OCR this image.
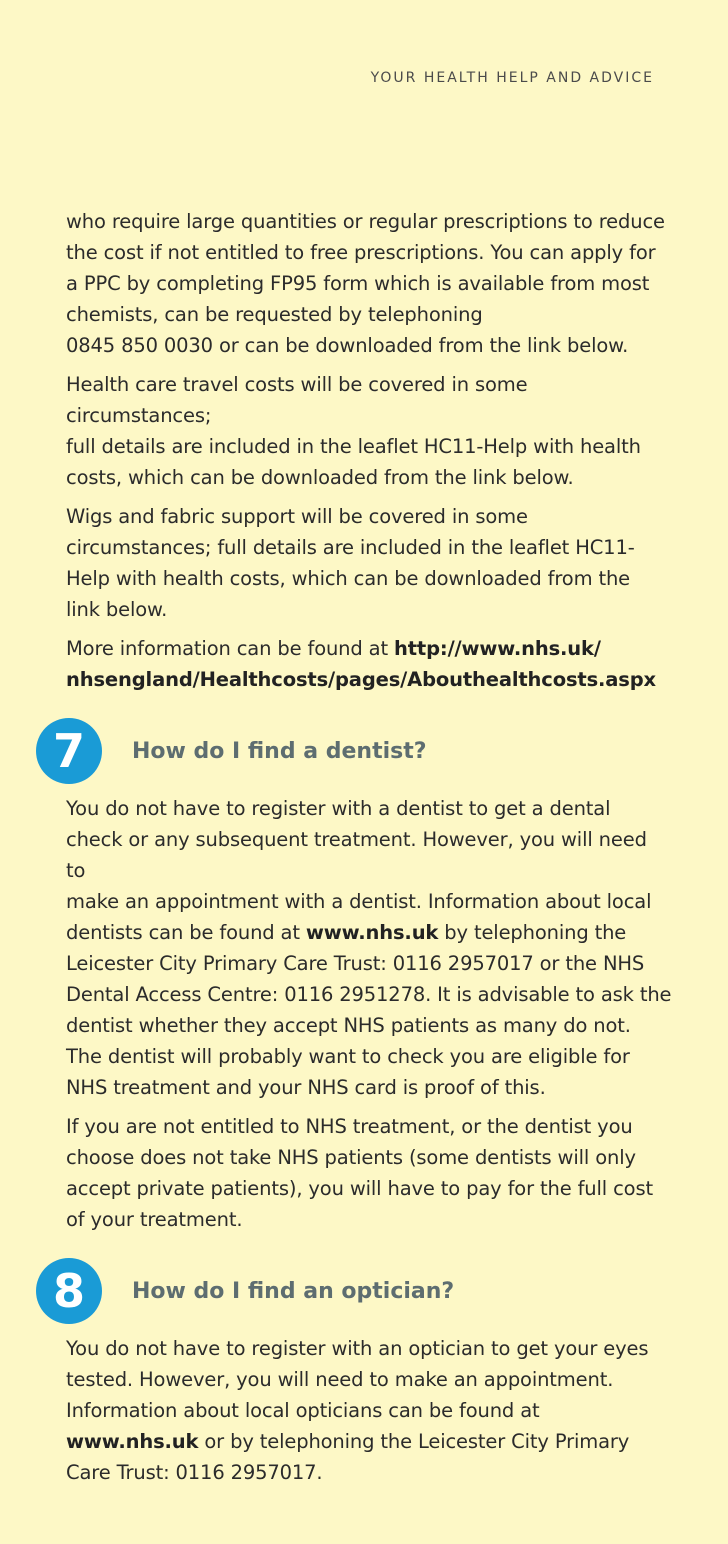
YOUR HEALTH HELP AND ADVICE

who require large quantities or regular prescriptions to reduce
the cost if not entitled to free prescriptions. You can apply for
a PPC by completing FP95 form which is available from most
chemists, can be requested by telephoning
0845 850 0030 or can be downloaded from the link below.

Health care travel costs will be covered in some circumstances;
full details are included in the leaflet HC11-Help with health
costs, which can be downloaded from the link below.

Wigs and fabric support will be covered in some
circumstances; full details are included in the leaflet HC11-
Help with health costs, which can be downloaded from the
link below.

More information can be found at http://www.nhs.uk/
nhsengland/Healthcosts/pages/Abouthealthcosts.aspx

7	How do I find a dentist?

You do not have to register with a dentist to get a dental
check or any subsequent treatment. However, you will need to
make an appointment with a dentist. Information about local
dentists can be found at www.nhs.uk by telephoning the
Leicester City Primary Care Trust: 0116 2957017 or the NHS
Dental Access Centre: 0116 2951278. It is advisable to ask the
dentist whether they accept NHS patients as many do not.
The dentist will probably want to check you are eligible for
NHS treatment and your NHS card is proof of this.

If you are not entitled to NHS treatment, or the dentist you
choose does not take NHS patients (some dentists will only
accept private patients), you will have to pay for the full cost
of your treatment.

8	How do I find an optician?

You do not have to register with an optician to get your eyes
tested. However, you will need to make an appointment.
Information about local opticians can be found at
www.nhs.uk or by telephoning the Leicester City Primary
Care Trust: 0116 2957017.
